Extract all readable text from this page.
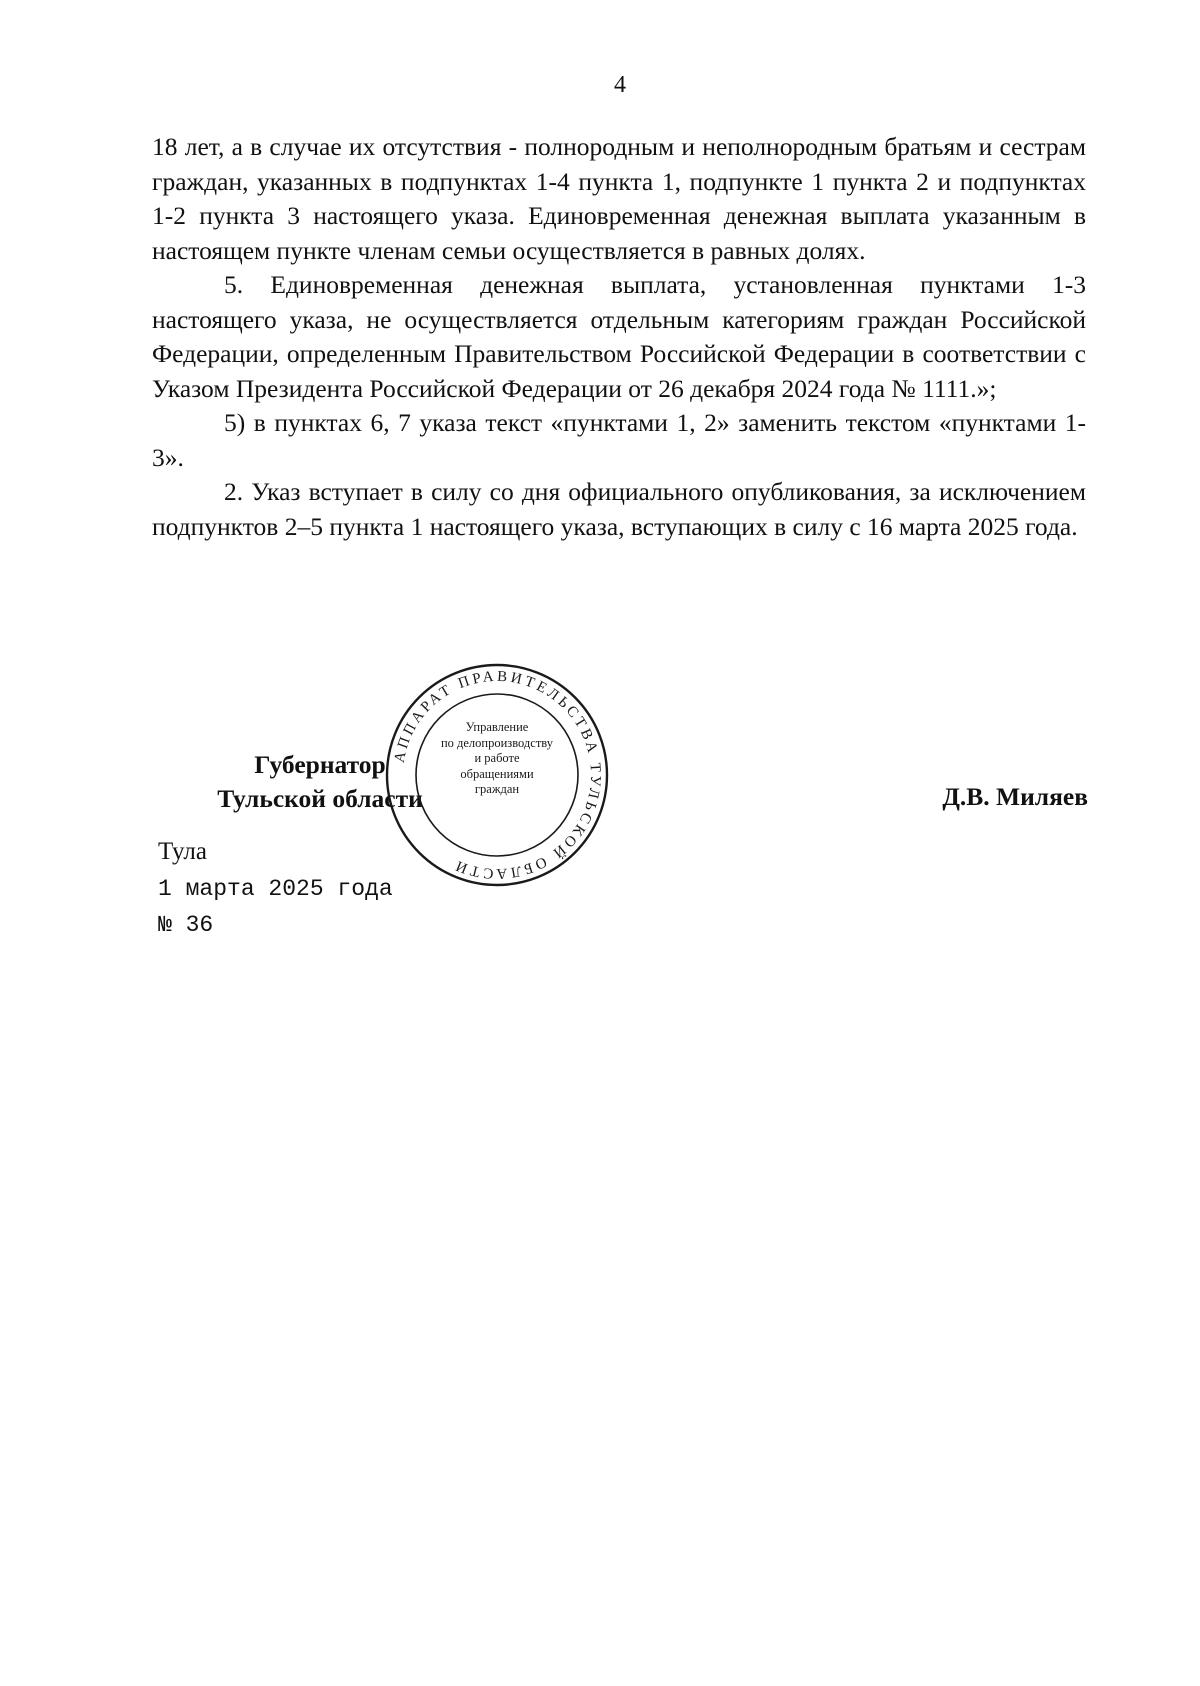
4

18 лет, а в случае их отсутствия - полнородным и неполнородным братьям и сестрам граждан, указанных в подпунктах 1-4 пункта 1, подпункте 1 пункта 2 и подпунктах 1-2 пункта 3 настоящего указа. Единовременная денежная выплата указанным в настоящем пункте членам семьи осуществляется в равных долях.

5. Единовременная денежная выплата, установленная пунктами 1-3 настоящего указа, не осуществляется отдельным категориям граждан Российской Федерации, определенным Правительством Российской Федерации в соответствии с Указом Президента Российской Федерации от 26 декабря 2024 года № 1111.»;

5) в пунктах 6, 7 указа текст «пунктами 1, 2» заменить текстом «пунктами 1-3».

2. Указ вступает в силу со дня официального опубликования, за исключением подпунктов 2–5 пункта 1 настоящего указа, вступающих в силу с 16 марта 2025 года.

Губернатор
Тульской области
АППАРАТ ПРАВИТЕЛЬСТВА ТУЛЬСКОЙ ОБЛАСТИ
Управление
по делопроизводству
и работе
обращениями
граждан	Д.В. Миляев
Тула
1 марта 2025 года
№ 36
